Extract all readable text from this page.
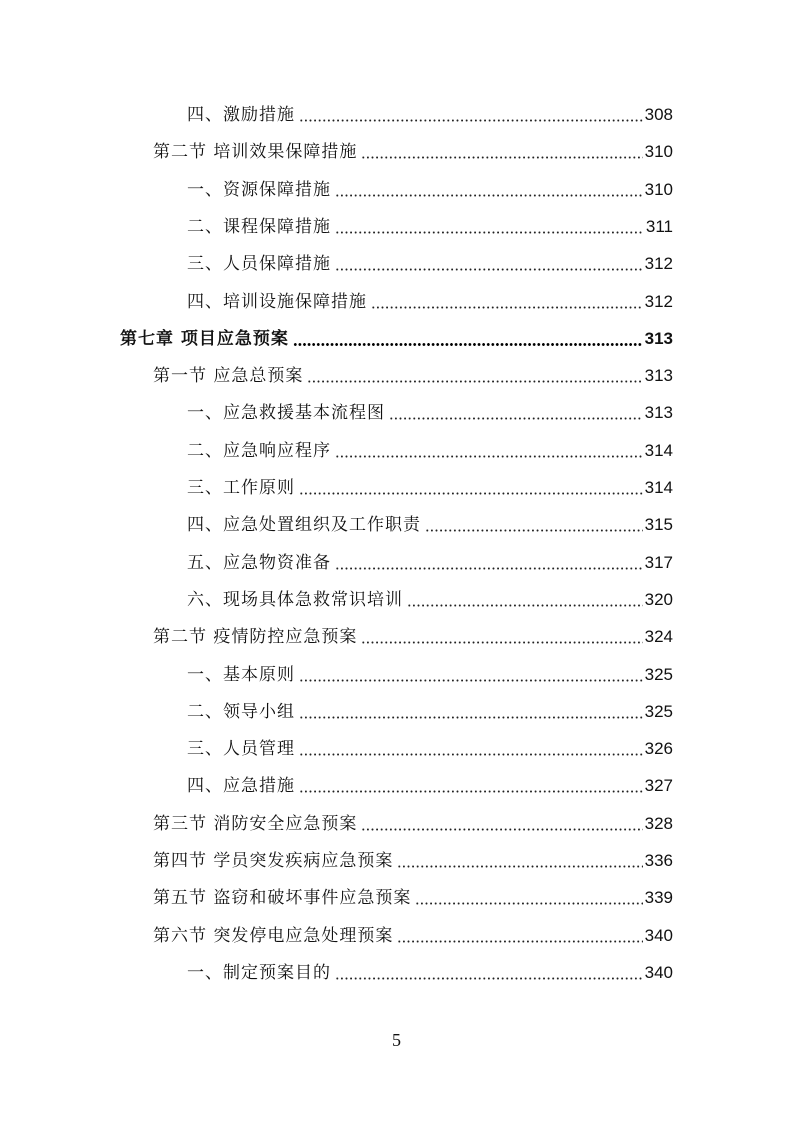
四、激励措施	308
第二节 培训效果保障措施	310
一、资源保障措施	310
二、课程保障措施	311
三、人员保障措施	312
四、培训设施保障措施	312
第七章 项目应急预案	313
第一节 应急总预案	313
一、应急救援基本流程图	313
二、应急响应程序	314
三、工作原则	314
四、应急处置组织及工作职责	315
五、应急物资准备	317
六、现场具体急救常识培训	320
第二节 疫情防控应急预案	324
一、基本原则	325
二、领导小组	325
三、人员管理	326
四、应急措施	327
第三节 消防安全应急预案	328
第四节 学员突发疾病应急预案	336
第五节 盗窃和破坏事件应急预案	339
第六节 突发停电应急处理预案	340
一、制定预案目的	340
5
